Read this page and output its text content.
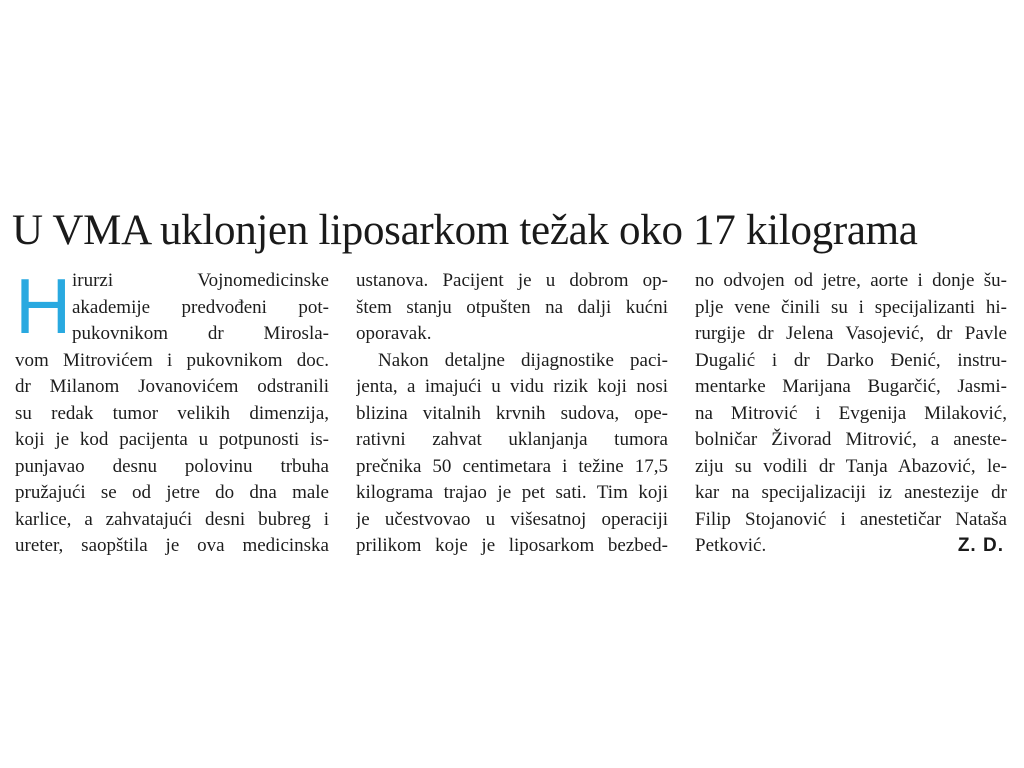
U VMA uklonjen liposarkom težak oko 17 kilograma
H irurzi Vojnomedicinske
akademije predvođeni pot-
pukovnikom dr Mirosla-
vom Mitrovićem i pukovnikom doc.
dr Milanom Jovanovićem odstranili
su redak tumor velikih dimenzija,
koji je kod pacijenta u potpunosti is-
punjavao desnu polovinu trbuha
pružajući se od jetre do dna male
karlice, a zahvatajući desni bubreg i
ureter, saopštila je ova medicinska
ustanova. Pacijent je u dobrom op-
štem stanju otpušten na dalji kućni
oporavak.
Nakon detaljne dijagnostike paci-
jenta, a imajući u vidu rizik koji nosi
blizina vitalnih krvnih sudova, ope-
rativni zahvat uklanjanja tumora
prečnika 50 centimetara i težine 17,5
kilograma trajao je pet sati. Tim koji
je učestvovao u višesatnoj operaciji
prilikom koje je liposarkom bezbed-
no odvojen od jetre, aorte i donje šu-
plje vene činili su i specijalizanti hi-
rurgije dr Jelena Vasojević, dr Pavle
Dugalić i dr Darko Đenić, instru-
mentarke Marijana Bugarčić, Jasmi-
na Mitrović i Evgenija Milaković,
bolničar Živorad Mitrović, a aneste-
ziju su vodili dr Tanja Abazović, le-
kar na specijalizaciji iz anestezije dr
Filip Stojanović i anestetičar Nataša
Petković.	Z. D.
